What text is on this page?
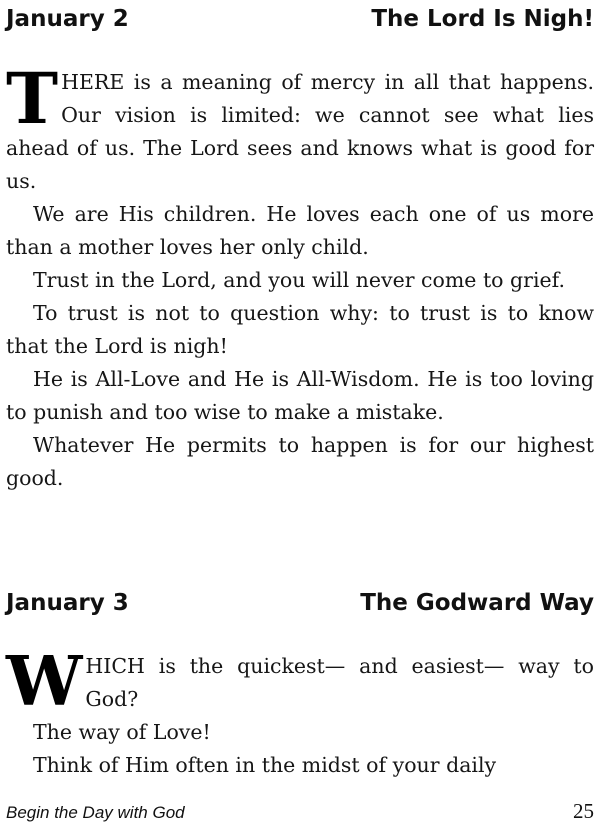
January 2	The Lord Is Nigh!

THERE is a meaning of mercy in all that happens. Our vision is limited: we cannot see what lies ahead of us. The Lord sees and knows what is good for us.

We are His children. He loves each one of us more than a mother loves her only child.

Trust in the Lord, and you will never come to grief.

To trust is not to question why: to trust is to know that the Lord is nigh!

He is All-Love and He is All-Wisdom. He is too loving to punish and too wise to make a mistake.

Whatever He permits to happen is for our highest good.

January 3	The Godward Way

WHICH is the quickest— and easiest— way to God?

The way of Love!

Think of Him often in the midst of your daily

Begin the Day with God	25
